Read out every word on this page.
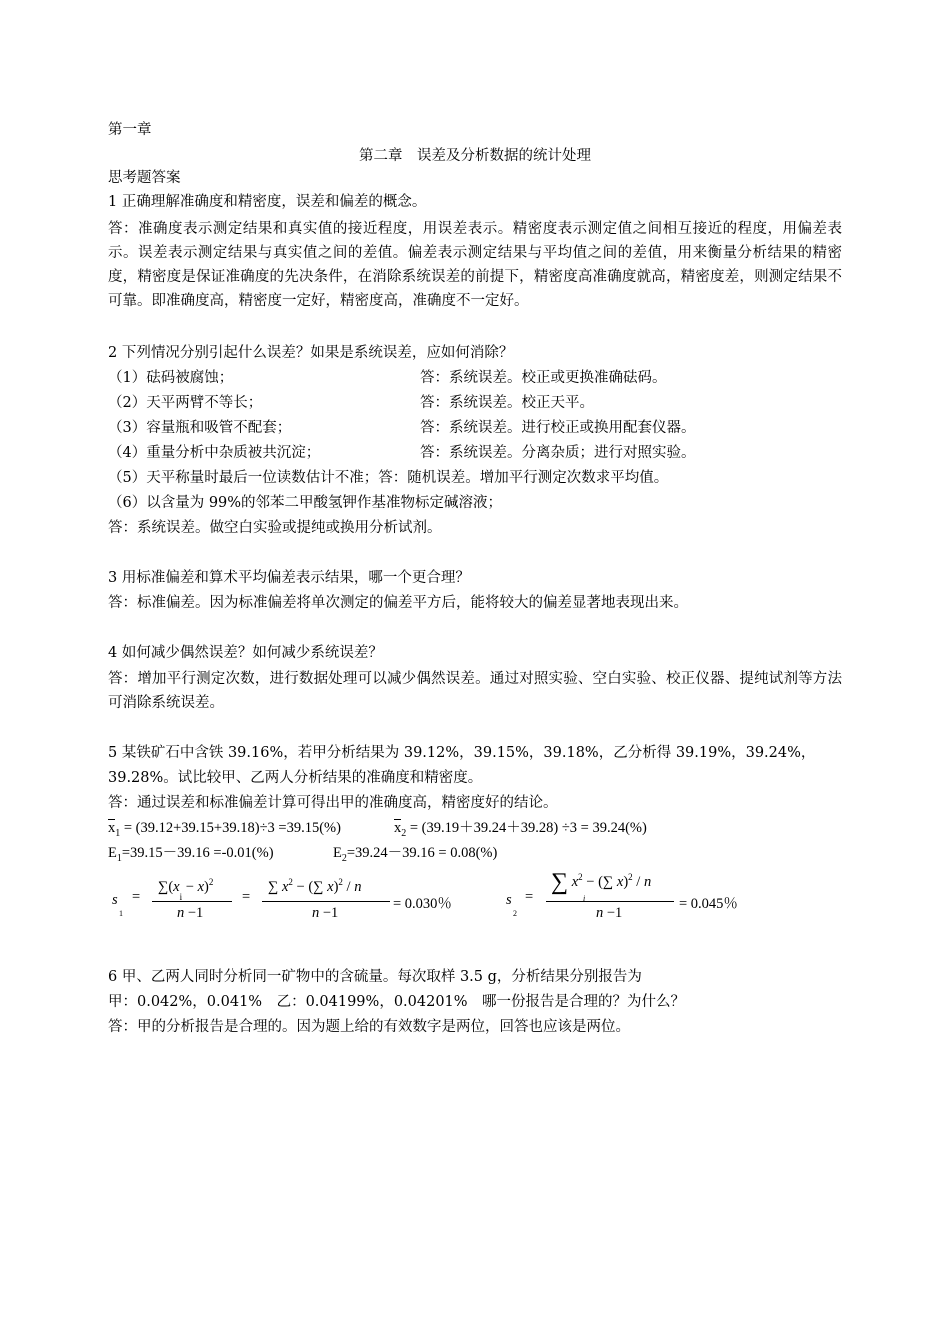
第一章
第二章　误差及分析数据的统计处理
思考题答案
1 正确理解准确度和精密度，误差和偏差的概念。
答：准确度表示测定结果和真实值的接近程度，用误差表示。精密度表示测定值之间相互接近的程度，用偏差表示。误差表示测定结果与真实值之间的差值。偏差表示测定结果与平均值之间的差值，用来衡量分析结果的精密度，精密度是保证准确度的先决条件，在消除系统误差的前提下，精密度高准确度就高，精密度差，则测定结果不可靠。即准确度高，精密度一定好，精密度高，准确度不一定好。
2 下列情况分别引起什么误差？如果是系统误差，应如何消除？
（1）砝码被腐蚀；	答：系统误差。校正或更换准确砝码。
（2）天平两臂不等长；	答：系统误差。校正天平。
（3）容量瓶和吸管不配套；	答：系统误差。进行校正或换用配套仪器。
（4）重量分析中杂质被共沉淀；	答：系统误差。分离杂质；进行对照实验。
（5）天平称量时最后一位读数估计不准；答：随机误差。增加平行测定次数求平均值。
（6）以含量为 99%的邻苯二甲酸氢钾作基准物标定碱溶液；
答：系统误差。做空白实验或提纯或换用分析试剂。
3 用标准偏差和算术平均偏差表示结果，哪一个更合理？
答：标准偏差。因为标准偏差将单次测定的偏差平方后，能将较大的偏差显著地表现出来。
4 如何减少偶然误差？如何减少系统误差？
答：增加平行测定次数，进行数据处理可以减少偶然误差。通过对照实验、空白实验、校正仪器、提纯试剂等方法可消除系统误差。
5 某铁矿石中含铁 39.16%，若甲分析结果为 39.12%，39.15%，39.18%，乙分析得 39.19%，39.24%，
39.28%。试比较甲、乙两人分析结果的准确度和精密度。
答：通过误差和标准偏差计算可得出甲的准确度高，精密度好的结论。
$x_1 = (39.12+39.15+39.18)\div 3 =39.15(\%)$	$x_2 = (39.19+39.24+39.28) \div 3 = 39.24(\%)$
$E_1=39.15-39.16 =-0.01(\%)$	$E_2=39.24-39.16 = 0.08(\%)$
s
1
=
$\sum(x_i - x)^2$
n −1
=
∑ $x^2$ − (∑ x)$^2$ / n
n −1
= 0.030％	s
2
=
∑ $x^2$ − (∑ x)$^2$ / n
i
n −1
= 0.045％
6 甲、乙两人同时分析同一矿物中的含硫量。每次取样 3.5 g，分析结果分别报告为
甲：0.042%，0.041%　乙：0.04199%，0.04201%　哪一份报告是合理的？为什么？
答：甲的分析报告是合理的。因为题上给的有效数字是两位，回答也应该是两位。
